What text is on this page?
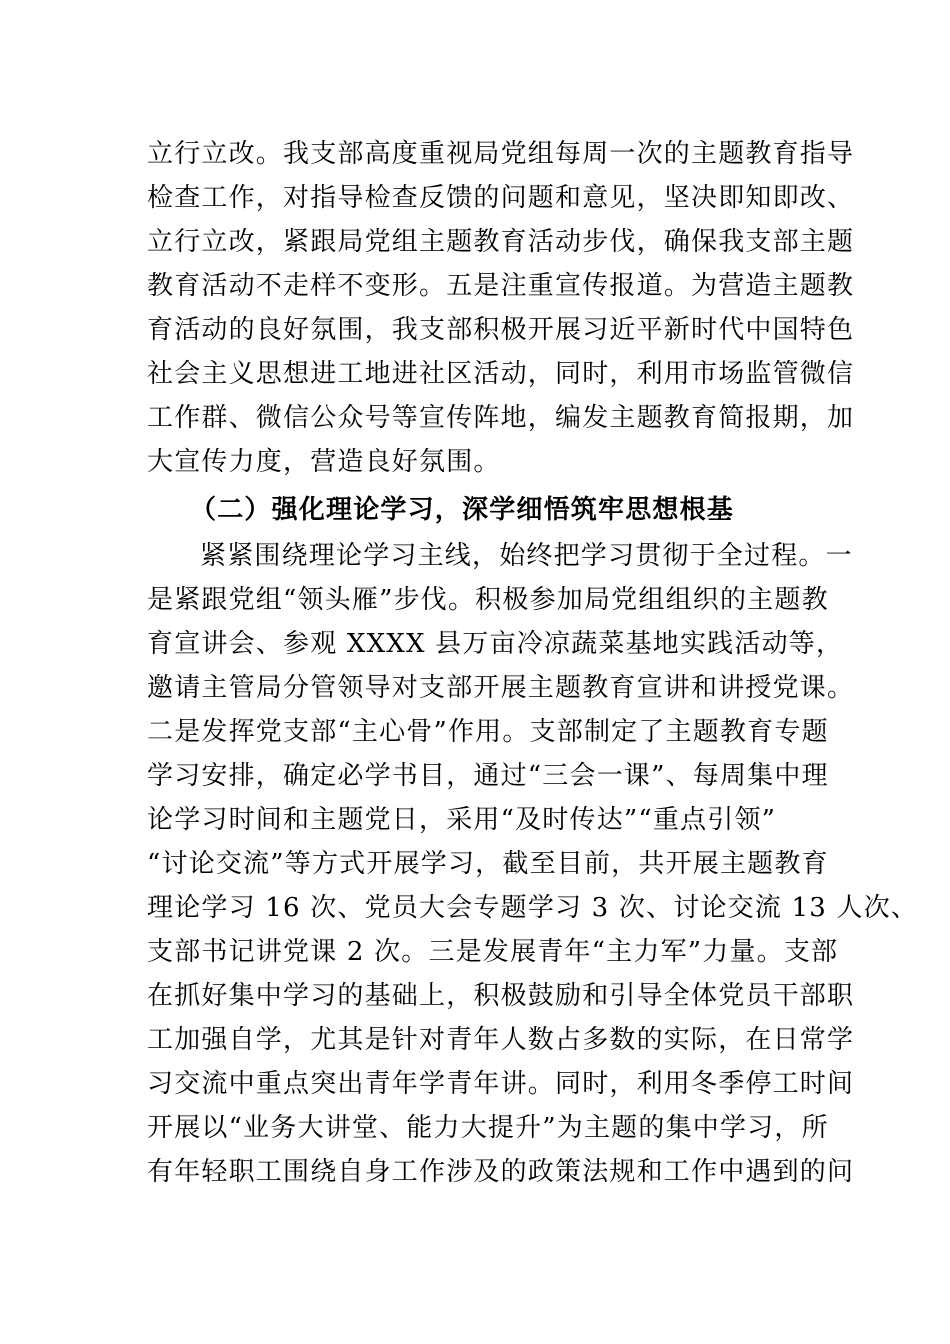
立行立改。我支部高度重视局党组每周一次的主题教育指导
检查工作，对指导检查反馈的问题和意见，坚决即知即改、
立行立改，紧跟局党组主题教育活动步伐，确保我支部主题
教育活动不走样不变形。五是注重宣传报道。为营造主题教
育活动的良好氛围，我支部积极开展习近平新时代中国特色
社会主义思想进工地进社区活动，同时，利用市场监管微信
工作群、微信公众号等宣传阵地，编发主题教育简报期，加
大宣传力度，营造良好氛围。
（二）强化理论学习，深学细悟筑牢思想根基
紧紧围绕理论学习主线，始终把学习贯彻于全过程。一
是紧跟党组“领头雁”步伐。积极参加局党组组织的主题教
育宣讲会、参观 XXXX 县万亩冷凉蔬菜基地实践活动等，
邀请主管局分管领导对支部开展主题教育宣讲和讲授党课。
二是发挥党支部“主心骨”作用。支部制定了主题教育专题
学习安排，确定必学书目，通过“三会一课”、每周集中理
论学习时间和主题党日，采用“及时传达”“重点引领”
“讨论交流”等方式开展学习，截至目前，共开展主题教育
理论学习 16 次、党员大会专题学习 3 次、讨论交流 13 人次、
支部书记讲党课 2 次。三是发展青年“主力军”力量。支部
在抓好集中学习的基础上，积极鼓励和引导全体党员干部职
工加强自学，尤其是针对青年人数占多数的实际，在日常学
习交流中重点突出青年学青年讲。同时，利用冬季停工时间
开展以“业务大讲堂、能力大提升”为主题的集中学习，所
有年轻职工围绕自身工作涉及的政策法规和工作中遇到的问
